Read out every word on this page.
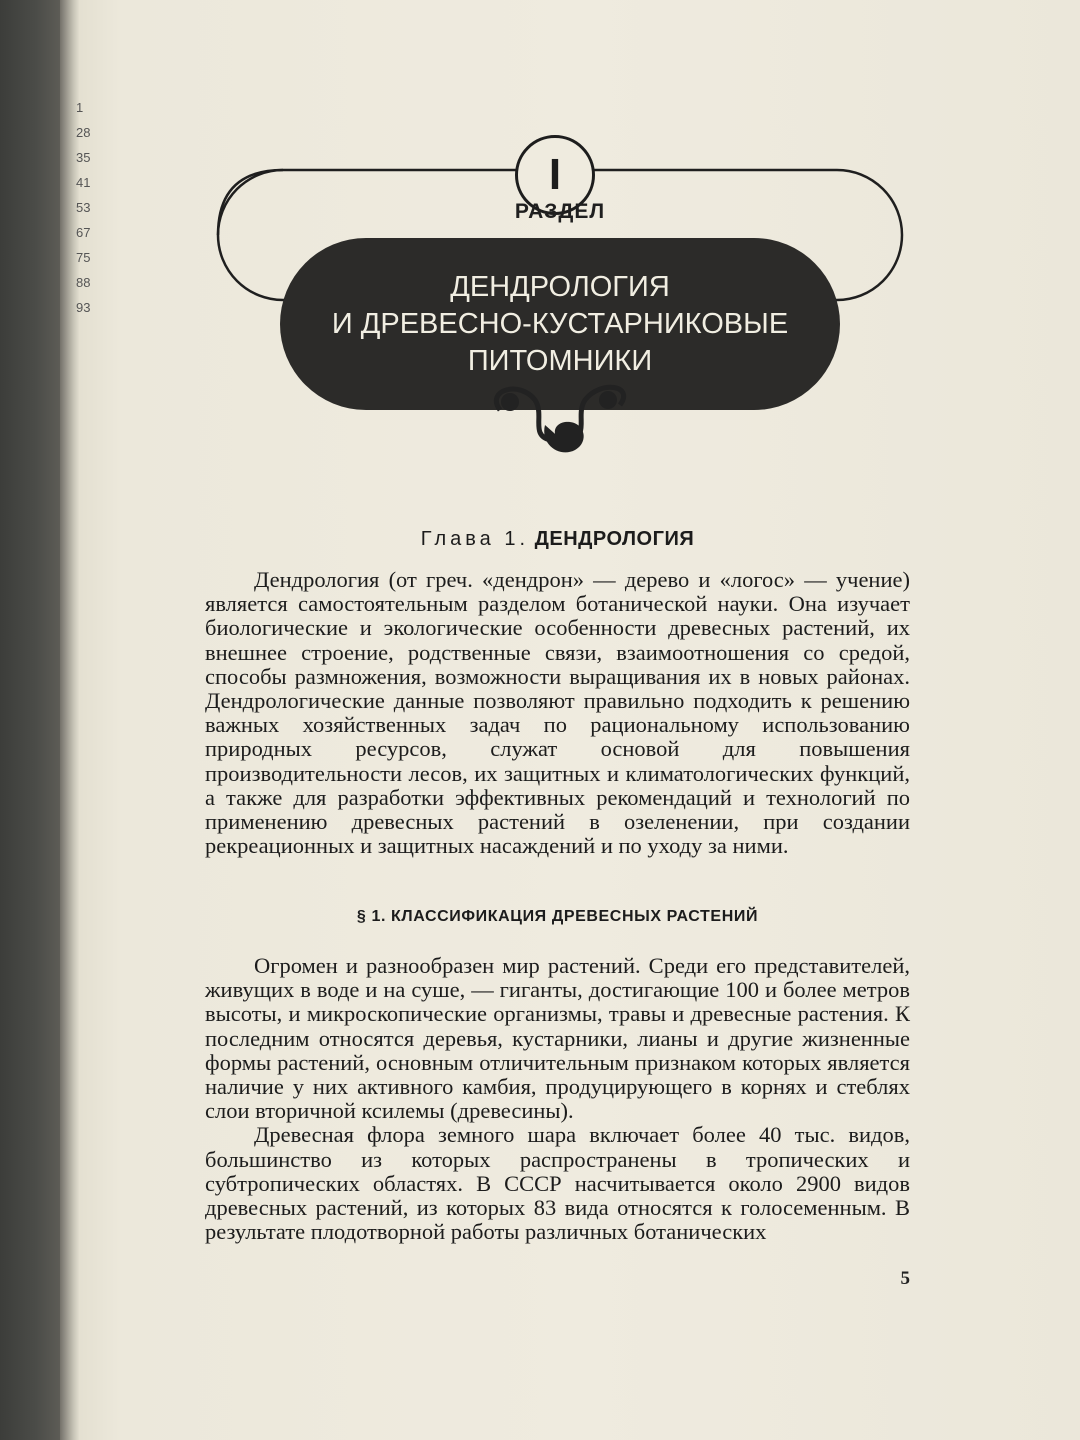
1
28
35
41
53
67
75
88
93
I
РАЗДЕЛ
ДЕНДРОЛОГИЯ
И ДРЕВЕСНО-КУСТАРНИКОВЫЕ
ПИТОМНИКИ
Глава 1. ДЕНДРОЛОГИЯ

Дендрология (от греч. «дендрон» — дерево и «логос» — учение) является самостоятельным разделом ботанической науки. Она изучает биологические и экологические особенности древесных растений, их внешнее строение, родственные связи, взаимоотношения со средой, способы размножения, возможности выращивания их в новых районах. Дендрологические данные позволяют правильно подходить к решению важных хозяйственных задач по рациональному использованию природных ресурсов, служат основой для повышения производительности лесов, их защитных и климатологических функций, а также для разработки эффективных рекомендаций и технологий по применению древесных растений в озеленении, при создании рекреационных и защитных насаждений и по уходу за ними.

§ 1. КЛАССИФИКАЦИЯ ДРЕВЕСНЫХ РАСТЕНИЙ

Огромен и разнообразен мир растений. Среди его представителей, живущих в воде и на суше, — гиганты, достигающие 100 и более метров высоты, и микроскопические организмы, травы и древесные растения. К последним относятся деревья, кустарники, лианы и другие жизненные формы растений, основным отличительным признаком которых является наличие у них активного камбия, продуцирующего в корнях и стеблях слои вторичной ксилемы (древесины).

Древесная флора земного шара включает более 40 тыс. видов, большинство из которых распространены в тропических и субтропических областях. В СССР насчитывается около 2900 видов древесных растений, из которых 83 вида относятся к голосеменным. В результате плодотворной работы различных ботанических

5
